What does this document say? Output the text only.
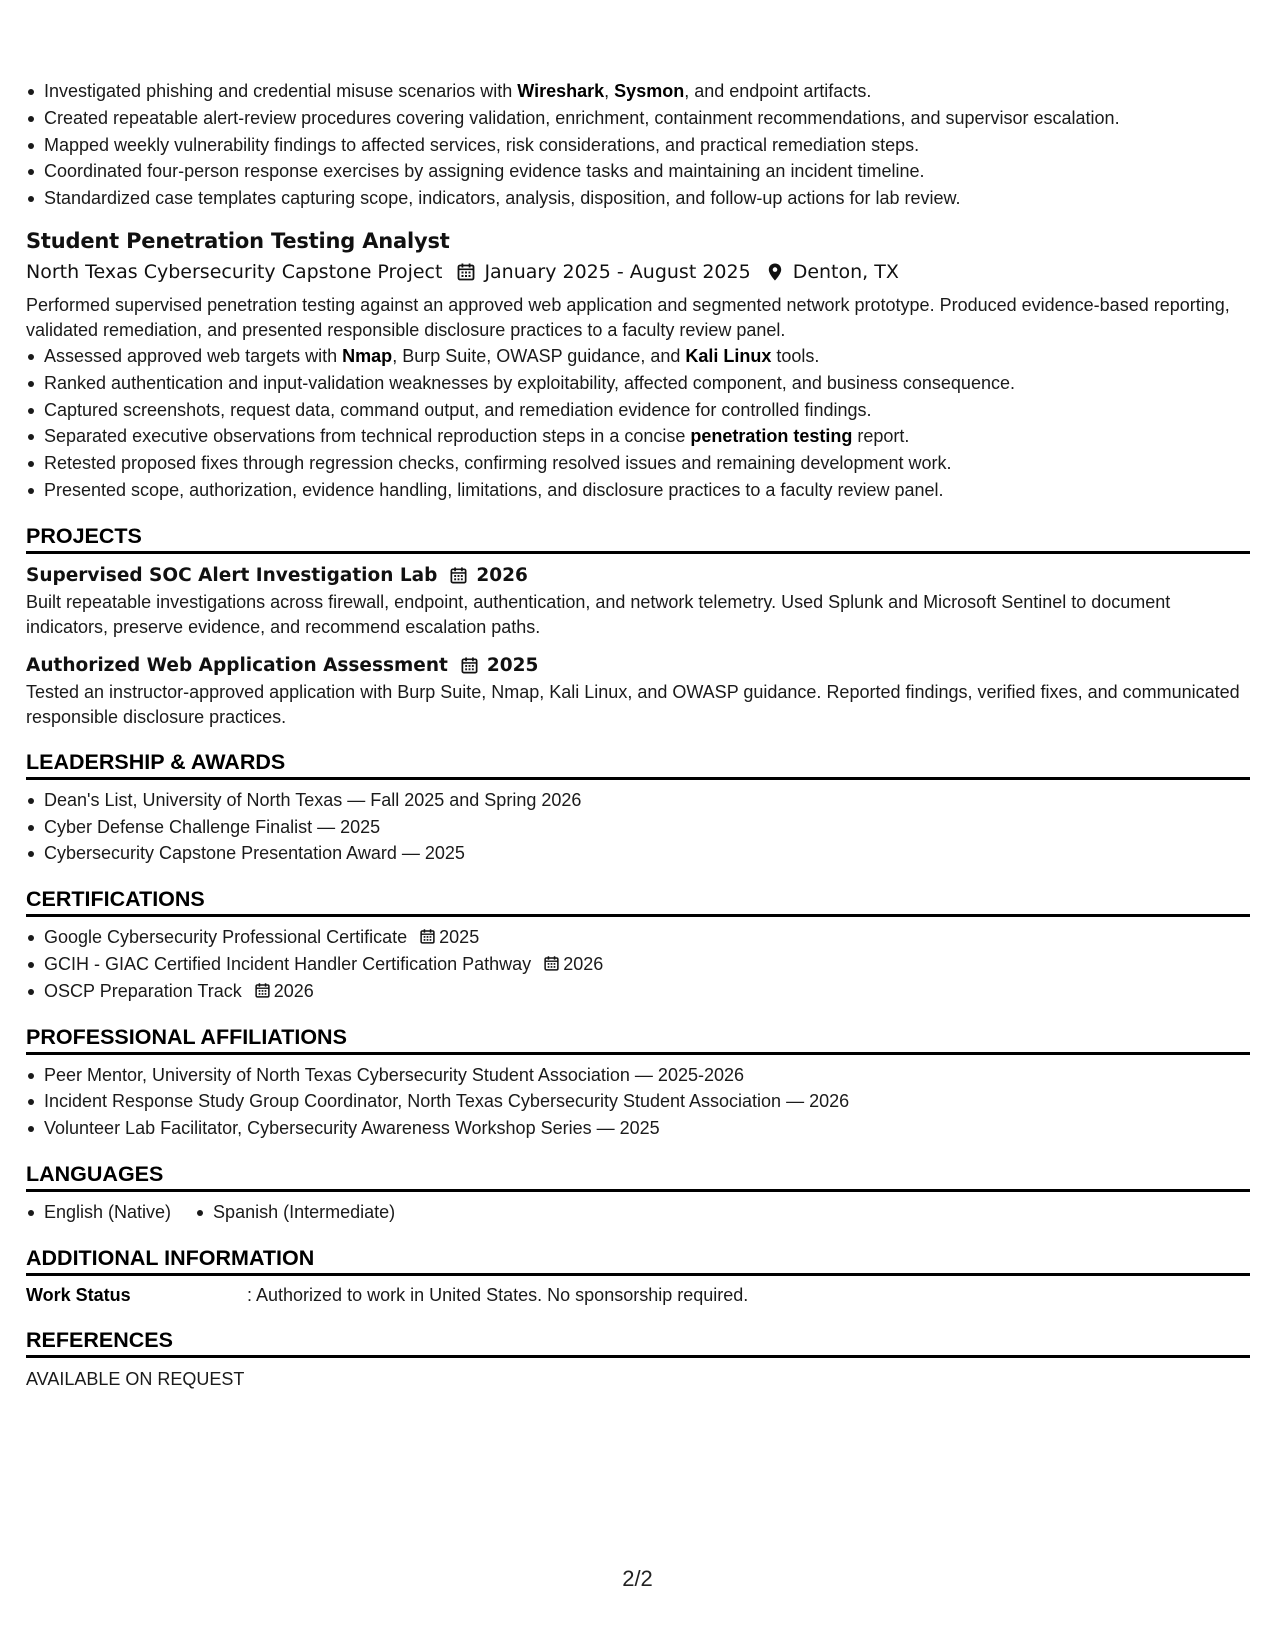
Investigated phishing and credential misuse scenarios with Wireshark, Sysmon, and endpoint artifacts.
Created repeatable alert-review procedures covering validation, enrichment, containment recommendations, and supervisor escalation.
Mapped weekly vulnerability findings to affected services, risk considerations, and practical remediation steps.
Coordinated four-person response exercises by assigning evidence tasks and maintaining an incident timeline.
Standardized case templates capturing scope, indicators, analysis, disposition, and follow-up actions for lab review.
Student Penetration Testing Analyst
North Texas Cybersecurity Capstone Project January 2025 - August 2025 Denton, TX
Performed supervised penetration testing against an approved web application and segmented network prototype. Produced evidence-based reporting, validated remediation, and presented responsible disclosure practices to a faculty review panel.
Assessed approved web targets with Nmap, Burp Suite, OWASP guidance, and Kali Linux tools.
Ranked authentication and input-validation weaknesses by exploitability, affected component, and business consequence.
Captured screenshots, request data, command output, and remediation evidence for controlled findings.
Separated executive observations from technical reproduction steps in a concise penetration testing report.
Retested proposed fixes through regression checks, confirming resolved issues and remaining development work.
Presented scope, authorization, evidence handling, limitations, and disclosure practices to a faculty review panel.
PROJECTS
Supervised SOC Alert Investigation Lab 2026
Built repeatable investigations across firewall, endpoint, authentication, and network telemetry. Used Splunk and Microsoft Sentinel to document indicators, preserve evidence, and recommend escalation paths.
Authorized Web Application Assessment 2025
Tested an instructor-approved application with Burp Suite, Nmap, Kali Linux, and OWASP guidance. Reported findings, verified fixes, and communicated responsible disclosure practices.
LEADERSHIP & AWARDS
Dean's List, University of North Texas — Fall 2025 and Spring 2026
Cyber Defense Challenge Finalist — 2025
Cybersecurity Capstone Presentation Award — 2025
CERTIFICATIONS
Google Cybersecurity Professional Certificate 2025
GCIH - GIAC Certified Incident Handler Certification Pathway 2026
OSCP Preparation Track 2026
PROFESSIONAL AFFILIATIONS
Peer Mentor, University of North Texas Cybersecurity Student Association — 2025-2026
Incident Response Study Group Coordinator, North Texas Cybersecurity Student Association — 2026
Volunteer Lab Facilitator, Cybersecurity Awareness Workshop Series — 2025
LANGUAGES
English (Native)	Spanish (Intermediate)
ADDITIONAL INFORMATION
Work Status	: Authorized to work in United States. No sponsorship required.
REFERENCES
AVAILABLE ON REQUEST
2/2
